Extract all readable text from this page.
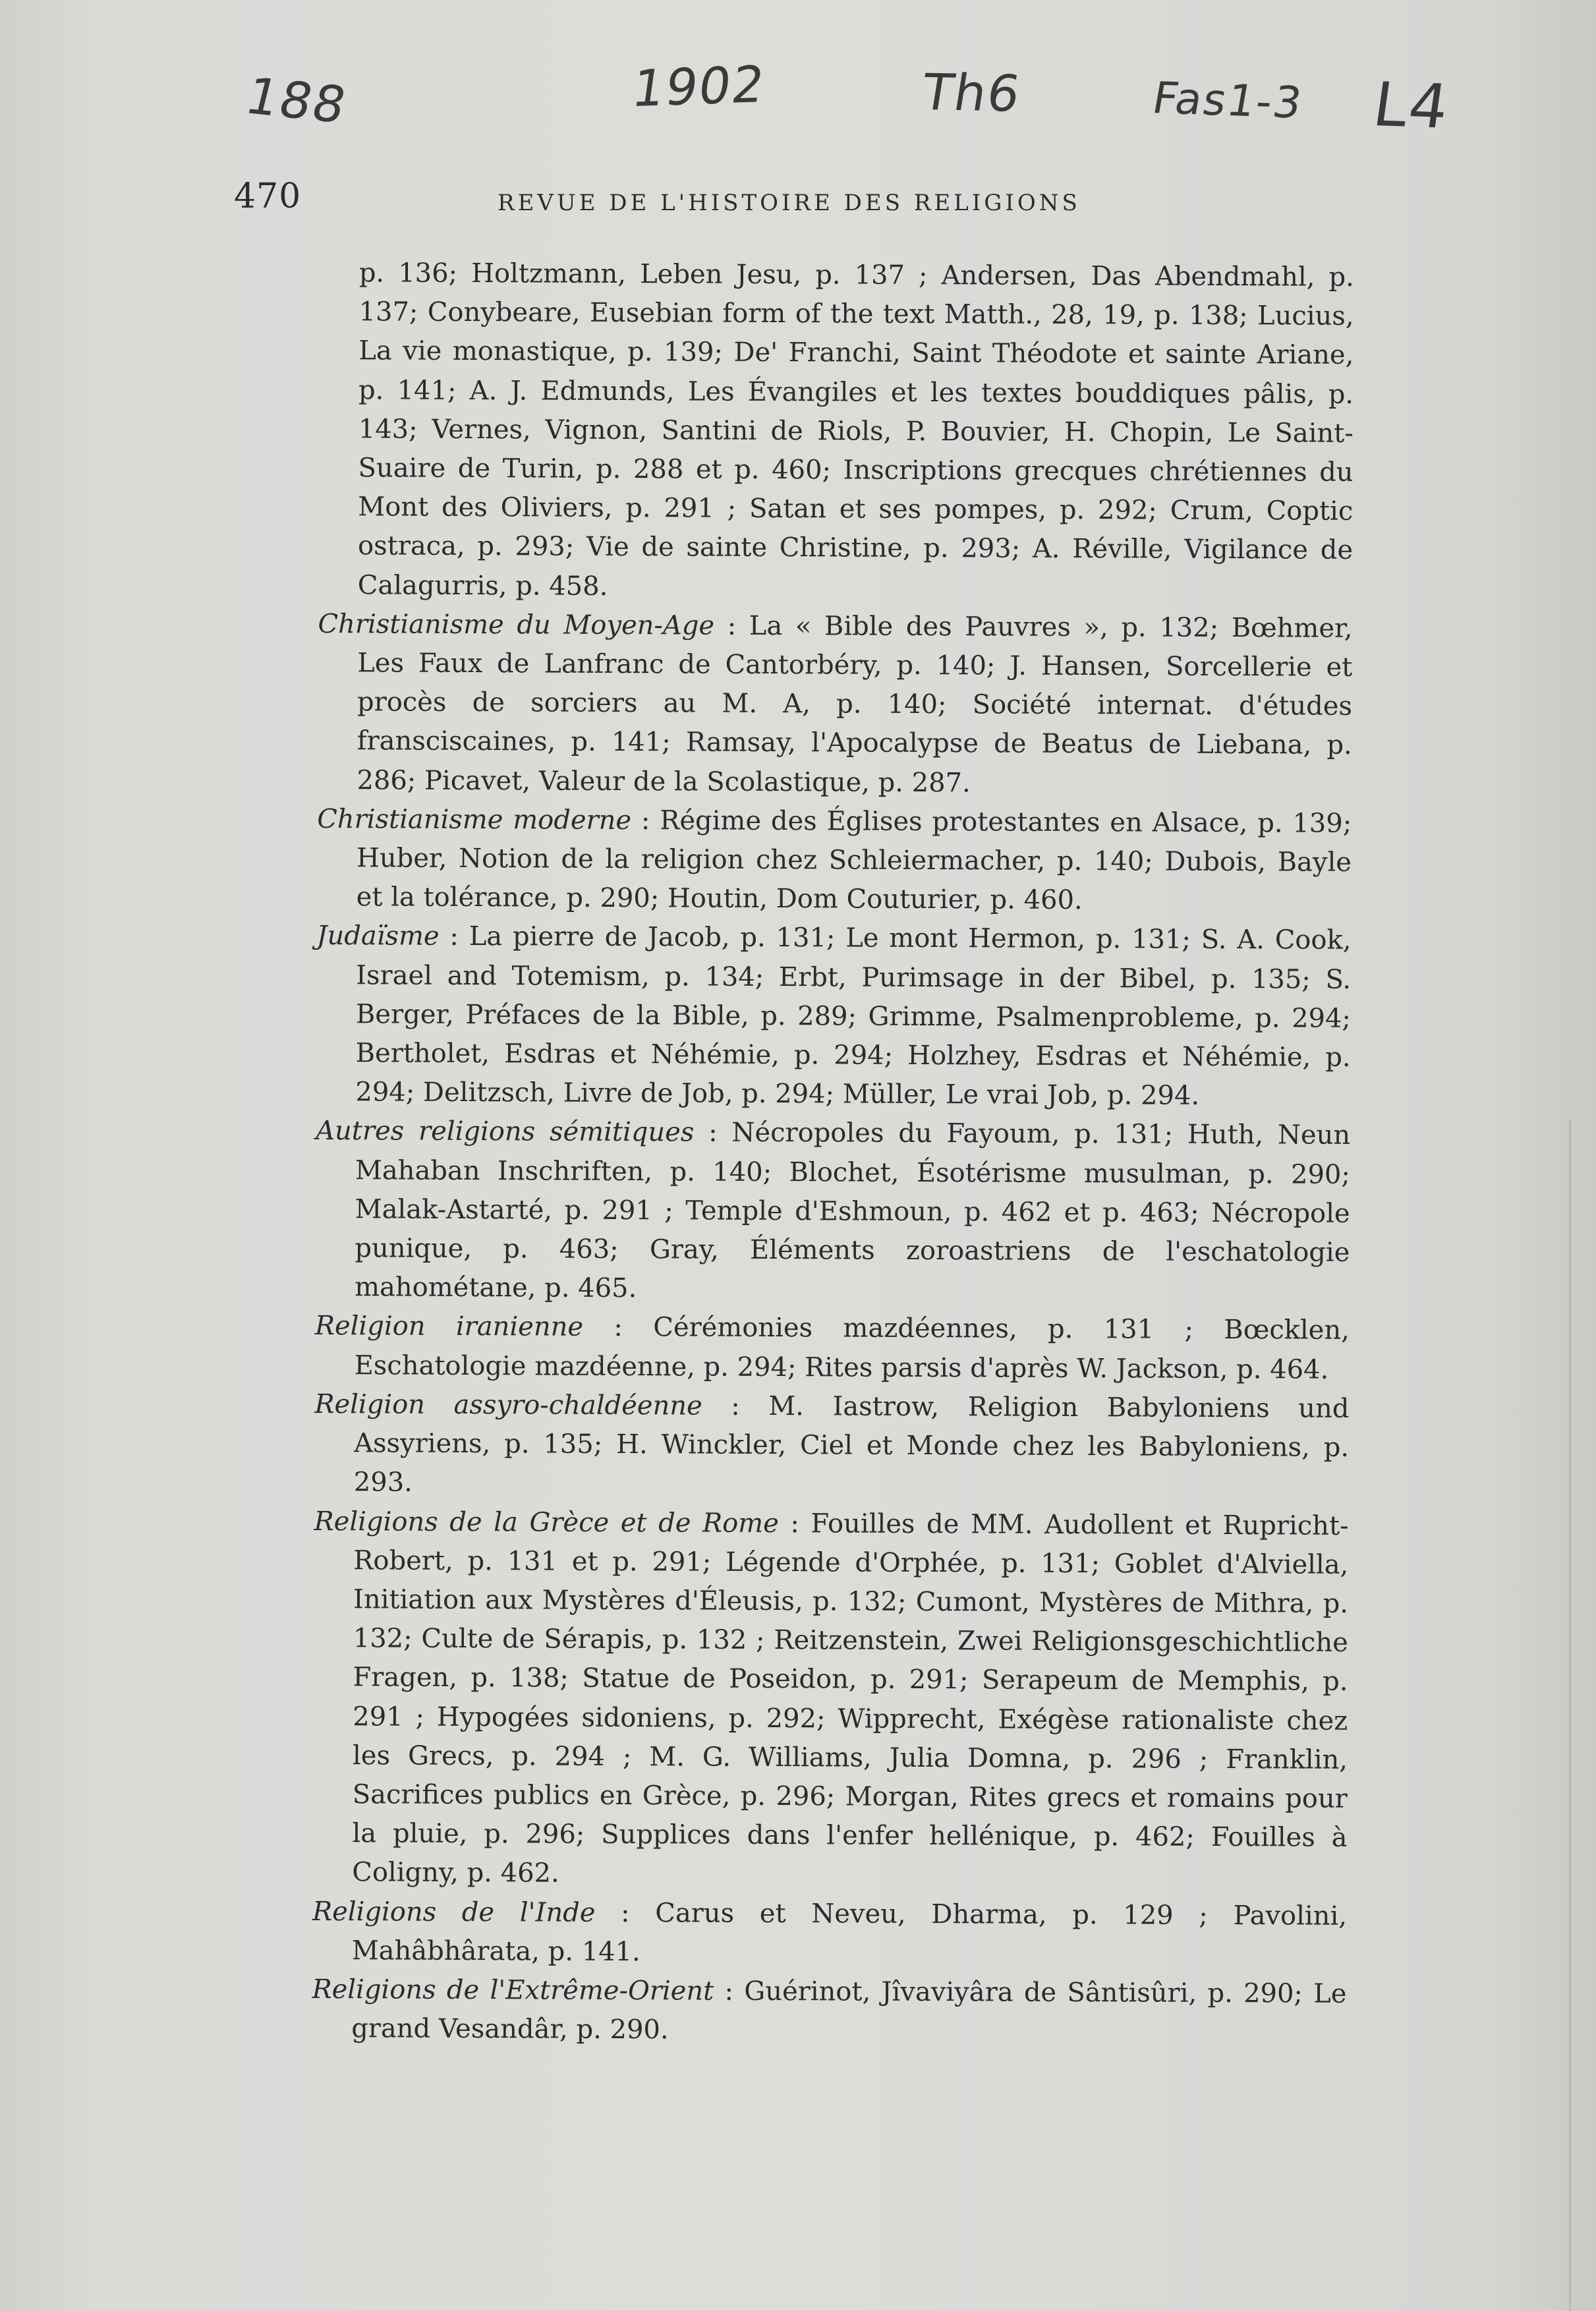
188	1902	Th6	Fas1-3 L4
470	REVUE DE L'HISTOIRE DES RELIGIONS

p. 136; Holtzmann, Leben Jesu, p. 137 ; Andersen, Das Abendmahl, p. 137; Conybeare, Eusebian form of the text Matth., 28, 19, p. 138; Lucius, La vie monastique, p. 139; De' Franchi, Saint Théodote et sainte Ariane, p. 141; A. J. Edmunds, Les Évangiles et les textes bouddiques pâlis, p. 143; Vernes, Vignon, Santini de Riols, P. Bouvier, H. Chopin, Le Saint-Suaire de Turin, p. 288 et p. 460; Inscriptions grecques chrétiennes du Mont des Oliviers, p. 291 ; Satan et ses pompes, p. 292; Crum, Coptic ostraca, p. 293; Vie de sainte Christine, p. 293; A. Réville, Vigilance de Calagurris, p. 458.

Christianisme du Moyen-Age : La « Bible des Pauvres », p. 132; Bœhmer, Les Faux de Lanfranc de Cantorbéry, p. 140; J. Hansen, Sorcellerie et procès de sorciers au M. A, p. 140; Société internat. d'études fransciscaines, p. 141; Ramsay, l'Apocalypse de Beatus de Liebana, p. 286; Picavet, Valeur de la Scolastique, p. 287.

Christianisme moderne : Régime des Églises protestantes en Alsace, p. 139; Huber, Notion de la religion chez Schleiermacher, p. 140; Dubois, Bayle et la tolérance, p. 290; Houtin, Dom Couturier, p. 460.

Judaïsme : La pierre de Jacob, p. 131; Le mont Hermon, p. 131; S. A. Cook, Israel and Totemism, p. 134; Erbt, Purimsage in der Bibel, p. 135; S. Berger, Préfaces de la Bible, p. 289; Grimme, Psalmenprobleme, p. 294; Bertholet, Esdras et Néhémie, p. 294; Holzhey, Esdras et Néhémie, p. 294; Delitzsch, Livre de Job, p. 294; Müller, Le vrai Job, p. 294.

Autres religions sémitiques : Nécropoles du Fayoum, p. 131; Huth, Neun Mahaban Inschriften, p. 140; Blochet, Ésotérisme musulman, p. 290; Malak-Astarté, p. 291 ; Temple d'Eshmoun, p. 462 et p. 463; Nécropole punique, p. 463; Gray, Éléments zoroastriens de l'eschatologie mahométane, p. 465.

Religion iranienne : Cérémonies mazdéennes, p. 131 ; Bœcklen, Eschatologie mazdéenne, p. 294; Rites parsis d'après W. Jackson, p. 464.

Religion assyro-chaldéenne : M. Iastrow, Religion Babyloniens und Assyriens, p. 135; H. Winckler, Ciel et Monde chez les Babyloniens, p. 293.

Religions de la Grèce et de Rome : Fouilles de MM. Audollent et Rupricht-Robert, p. 131 et p. 291; Légende d'Orphée, p. 131; Goblet d'Alviella, Initiation aux Mystères d'Éleusis, p. 132; Cumont, Mystères de Mithra, p. 132; Culte de Sérapis, p. 132 ; Reitzenstein, Zwei Religionsgeschichtliche Fragen, p. 138; Statue de Poseidon, p. 291; Serapeum de Memphis, p. 291 ; Hypogées sidoniens, p. 292; Wipprecht, Exégèse rationaliste chez les Grecs, p. 294 ; M. G. Williams, Julia Domna, p. 296 ; Franklin, Sacrifices publics en Grèce, p. 296; Morgan, Rites grecs et romains pour la pluie, p. 296; Supplices dans l'enfer hellénique, p. 462; Fouilles à Coligny, p. 462.

Religions de l'Inde : Carus et Neveu, Dharma, p. 129 ; Pavolini, Mahâbhârata, p. 141.

Religions de l'Extrême-Orient : Guérinot, Jîvaviyâra de Sântisûri, p. 290; Le grand Vesandâr, p. 290.
